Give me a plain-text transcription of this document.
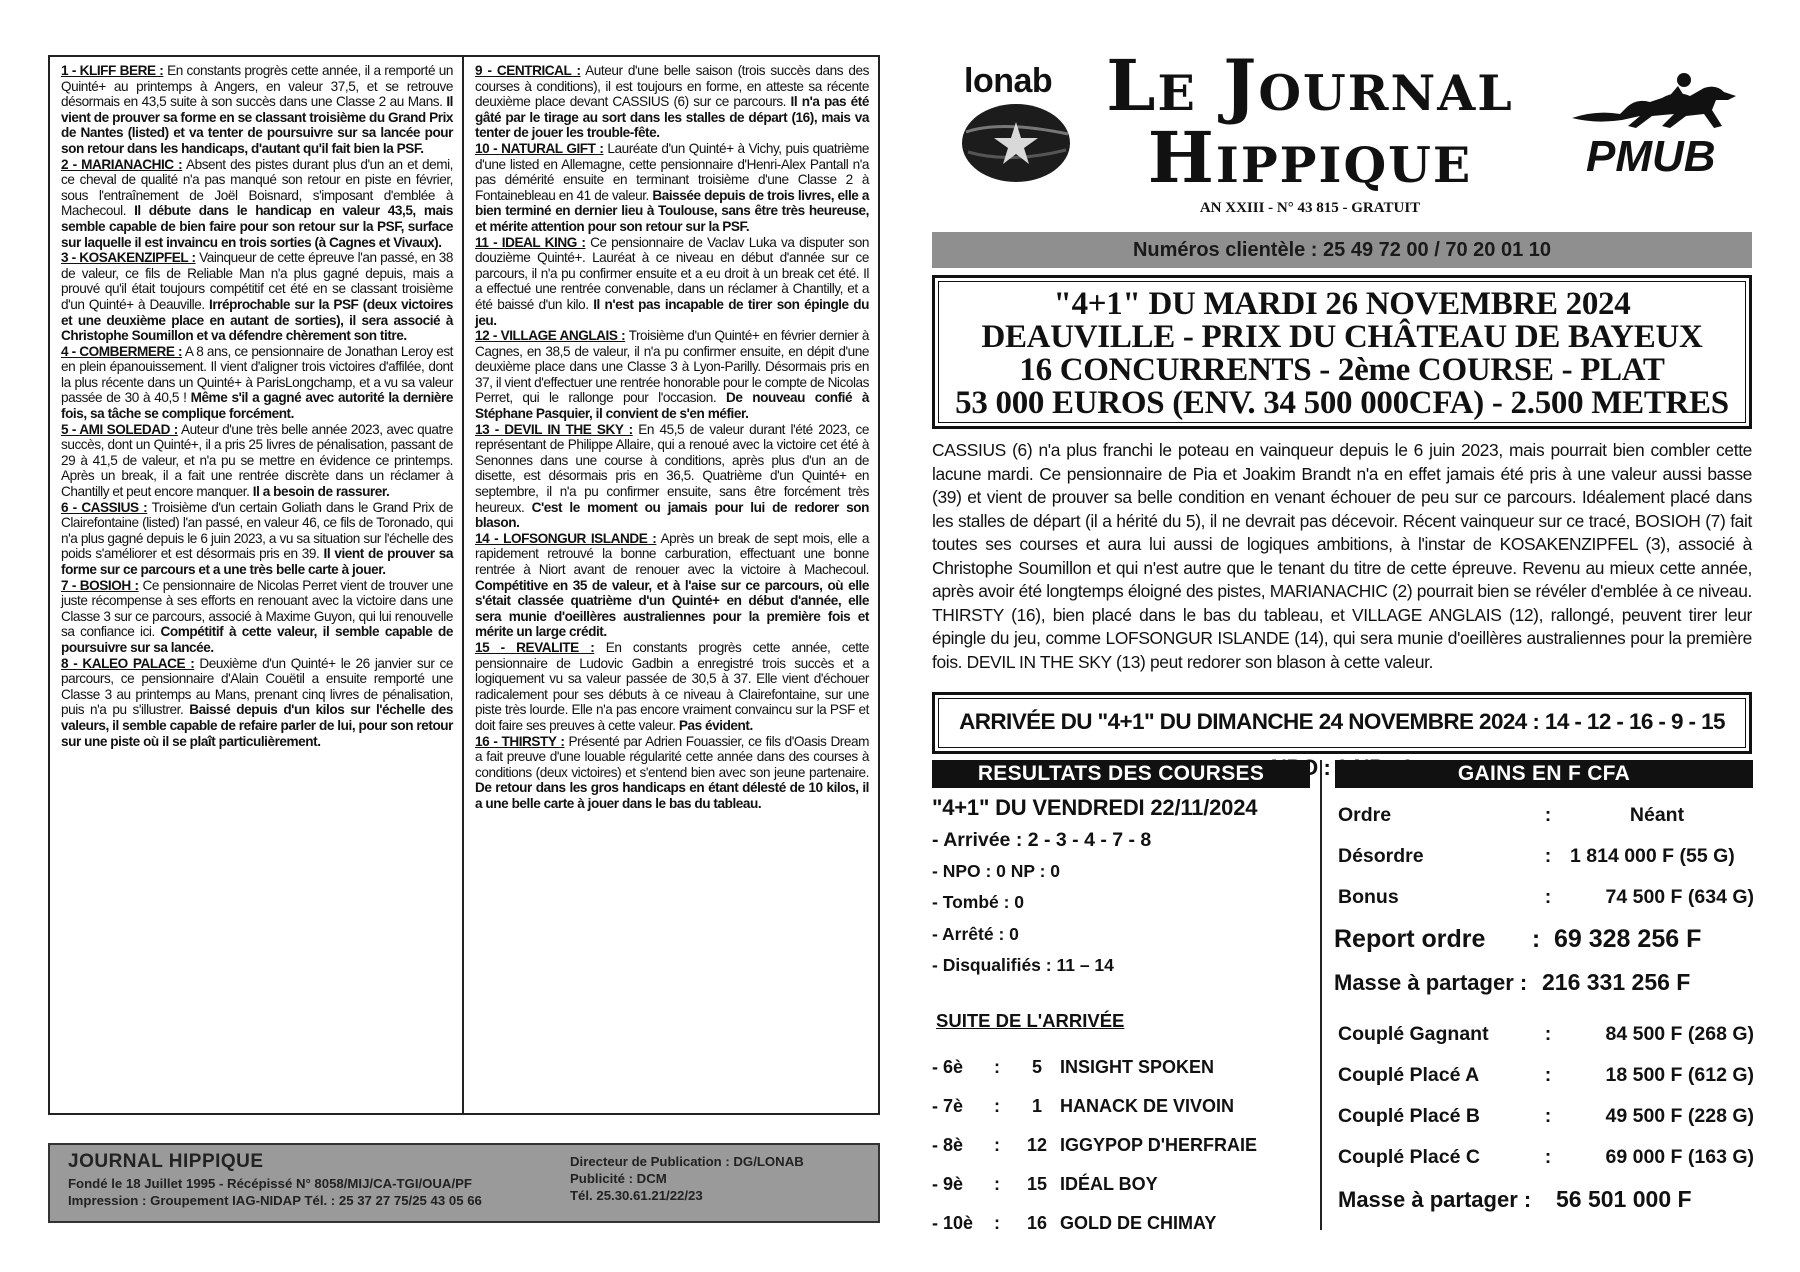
1 - KLIFF BERE : En constants progrès cette année, il a remporté un Quinté+ au printemps à Angers, en valeur 37,5, et se retrouve désormais en 43,5 suite à son succès dans une Classe 2 au Mans. Il vient de prouver sa forme en se classant troisième du Grand Prix de Nantes (listed) et va tenter de poursuivre sur sa lancée pour son retour dans les handicaps, d'autant qu'il fait bien la PSF.

2 - MARIANACHIC : Absent des pistes durant plus d'un an et demi, ce cheval de qualité n'a pas manqué son retour en piste en février, sous l'entraînement de Joël Boisnard, s'imposant d'emblée à Machecoul. Il débute dans le handicap en valeur 43,5, mais semble capable de bien faire pour son retour sur la PSF, surface sur laquelle il est invaincu en trois sorties (à Cagnes et Vivaux).

3 - KOSAKENZIPFEL : Vainqueur de cette épreuve l'an passé, en 38 de valeur, ce fils de Reliable Man n'a plus gagné depuis, mais a prouvé qu'il était toujours compétitif cet été en se classant troisième d'un Quinté+ à Deauville. Irréprochable sur la PSF (deux victoires et une deuxième place en autant de sorties), il sera associé à Christophe Soumillon et va défendre chèrement son titre.

4 - COMBERMERE : A 8 ans, ce pensionnaire de Jonathan Leroy est en plein épanouissement. Il vient d'aligner trois victoires d'affilée, dont la plus récente dans un Quinté+ à ParisLongchamp, et a vu sa valeur passée de 30 à 40,5 ! Même s'il a gagné avec autorité la dernière fois, sa tâche se complique forcément.

5 - AMI SOLEDAD : Auteur d'une très belle année 2023, avec quatre succès, dont un Quinté+, il a pris 25 livres de pénalisation, passant de 29 à 41,5 de valeur, et n'a pu se mettre en évidence ce printemps. Après un break, il a fait une rentrée discrète dans un réclamer à Chantilly et peut encore manquer. Il a besoin de rassurer.

6 - CASSIUS : Troisième d'un certain Goliath dans le Grand Prix de Clairefontaine (listed) l'an passé, en valeur 46, ce fils de Toronado, qui n'a plus gagné depuis le 6 juin 2023, a vu sa situation sur l'échelle des poids s'améliorer et est désormais pris en 39. Il vient de prouver sa forme sur ce parcours et a une très belle carte à jouer.

7 - BOSIOH : Ce pensionnaire de Nicolas Perret vient de trouver une juste récompense à ses efforts en renouant avec la victoire dans une Classe 3 sur ce parcours, associé à Maxime Guyon, qui lui renouvelle sa confiance ici. Compétitif à cette valeur, il semble capable de poursuivre sur sa lancée.

8 - KALEO PALACE : Deuxième d'un Quinté+ le 26 janvier sur ce parcours, ce pensionnaire d'Alain Couëtil a ensuite remporté une Classe 3 au printemps au Mans, prenant cinq livres de pénalisation, puis n'a pu s'illustrer. Baissé depuis d'un kilos sur l'échelle des valeurs, il semble capable de refaire parler de lui, pour son retour sur une piste où il se plaît particulièrement.

9 - CENTRICAL : Auteur d'une belle saison (trois succès dans des courses à conditions), il est toujours en forme, en atteste sa récente deuxième place devant CASSIUS (6) sur ce parcours. Il n'a pas été gâté par le tirage au sort dans les stalles de départ (16), mais va tenter de jouer les trouble-fête.

10 - NATURAL GIFT : Lauréate d'un Quinté+ à Vichy, puis quatrième d'une listed en Allemagne, cette pensionnaire d'Henri-Alex Pantall n'a pas démérité ensuite en terminant troisième d'une Classe 2 à Fontainebleau en 41 de valeur. Baissée depuis de trois livres, elle a bien terminé en dernier lieu à Toulouse, sans être très heureuse, et mérite attention pour son retour sur la PSF.

11 - IDEAL KING : Ce pensionnaire de Vaclav Luka va disputer son douzième Quinté+. Lauréat à ce niveau en début d'année sur ce parcours, il n'a pu confirmer ensuite et a eu droit à un break cet été. Il a effectué une rentrée convenable, dans un réclamer à Chantilly, et a été baissé d'un kilo. Il n'est pas incapable de tirer son épingle du jeu.

12 - VILLAGE ANGLAIS : Troisième d'un Quinté+ en février dernier à Cagnes, en 38,5 de valeur, il n'a pu confirmer ensuite, en dépit d'une deuxième place dans une Classe 3 à Lyon-Parilly. Désormais pris en 37, il vient d'effectuer une rentrée honorable pour le compte de Nicolas Perret, qui le rallonge pour l'occasion. De nouveau confié à Stéphane Pasquier, il convient de s'en méfier.

13 - DEVIL IN THE SKY : En 45,5 de valeur durant l'été 2023, ce représentant de Philippe Allaire, qui a renoué avec la victoire cet été à Senonnes dans une course à conditions, après plus d'un an de disette, est désormais pris en 36,5. Quatrième d'un Quinté+ en septembre, il n'a pu confirmer ensuite, sans être forcément très heureux. C'est le moment ou jamais pour lui de redorer son blason.

14 - LOFSONGUR ISLANDE : Après un break de sept mois, elle a rapidement retrouvé la bonne carburation, effectuant une bonne rentrée à Niort avant de renouer avec la victoire à Machecoul. Compétitive en 35 de valeur, et à l'aise sur ce parcours, où elle s'était classée quatrième d'un Quinté+ en début d'année, elle sera munie d'oeillères australiennes pour la première fois et mérite un large crédit.

15 - REVALITE : En constants progrès cette année, cette pensionnaire de Ludovic Gadbin a enregistré trois succès et a logiquement vu sa valeur passée de 30,5 à 37. Elle vient d'échouer radicalement pour ses débuts à ce niveau à Clairefontaine, sur une piste très lourde. Elle n'a pas encore vraiment convaincu sur la PSF et doit faire ses preuves à cette valeur. Pas évident.

16 - THIRSTY : Présenté par Adrien Fouassier, ce fils d'Oasis Dream a fait preuve d'une louable régularité cette année dans des courses à conditions (deux victoires) et s'entend bien avec son jeune partenaire. De retour dans les gros handicaps en étant délesté de 10 kilos, il a une belle carte à jouer dans le bas du tableau.

JOURNAL HIPPIQUE
Fondé le 18 Juillet 1995 - Récépissé N° 8058/MIJ/CA-TGI/OUA/PF
Impression : Groupement IAG-NIDAP Tél. : 25 37 27 75/25 43 05 66
Directeur de Publication : DG/LONAB
Publicité : DCM
Tél. 25.30.61.21/22/23
lonab Le Journal
Hippique
AN XXIII - N° 43 815 - GRATUIT
PMUB
Numéros clientèle : 25 49 72 00 / 70 20 01 10
"4+1" DU MARDI 26 NOVEMBRE 2024
DEAUVILLE - PRIX DU CHÂTEAU DE BAYEUX
16 CONCURRENTS - 2ème COURSE - PLAT
53 000 EUROS (ENV. 34 500 000CFA) - 2.500 METRES

CASSIUS (6) n'a plus franchi le poteau en vainqueur depuis le 6 juin 2023, mais pourrait bien combler cette lacune mardi. Ce pensionnaire de Pia et Joakim Brandt n'a en effet jamais été pris à une valeur aussi basse (39) et vient de prouver sa belle condition en venant échouer de peu sur ce parcours. Idéalement placé dans les stalles de départ (il a hérité du 5), il ne devrait pas décevoir. Récent vainqueur sur ce tracé, BOSIOH (7) fait toutes ses courses et aura lui aussi de logiques ambitions, à l'instar de KOSAKENZIPFEL (3), associé à Christophe Soumillon et qui n'est autre que le tenant du titre de cette épreuve. Revenu au mieux cette année, après avoir été longtemps éloigné des pistes, MARIANACHIC (2) pourrait bien se révéler d'emblée à ce niveau. THIRSTY (16), bien placé dans le bas du tableau, et VILLAGE ANGLAIS (12), rallongé, peuvent tirer leur épingle du jeu, comme LOFSONGUR ISLANDE (14), qui sera munie d'oeillères australiennes pour la première fois. DEVIL IN THE SKY (13) peut redorer son blason à cette valeur.

ARRIVÉE DU "4+1" DU DIMANCHE 24 NOVEMBRE 2024 : 14 - 12 - 16 - 9 - 15 :
RESULTATS DES COURSES	GAINS EN F CFA
"4+1" DU VENDREDI 22/11/2024
- Arrivée : 2 - 3 - 4 - 7 - 8
- NPO : 0 NP : 0
- Tombé : 0
- Arrêté : 0
- Disqualifiés : 11 – 14
SUITE DE L'ARRIVÉE
- 6è	:	5	INSIGHT SPOKEN
- 7è	:	1	HANACK DE VIVOIN
- 8è	:	12 IGGYPOP D'HERFRAIE
- 9è	:	15 IDÉAL BOY
- 10è	:	16 GOLD DE CHIMAY
Ordre	:	Néant
Désordre	: 1 814 000 F (55 G)
Bonus	:	74 500 F (634 G)
Report ordre	: 69 328 256 F
Masse à partager : 216 331 256 F
Couplé Gagnant	:	84 500 F (268 G)
Couplé Placé A	:	18 500 F (612 G)
Couplé Placé B	:	49 500 F (228 G)
Couplé Placé C	:	69 000 F (163 G)
Masse à partager :	56 501 000 F
